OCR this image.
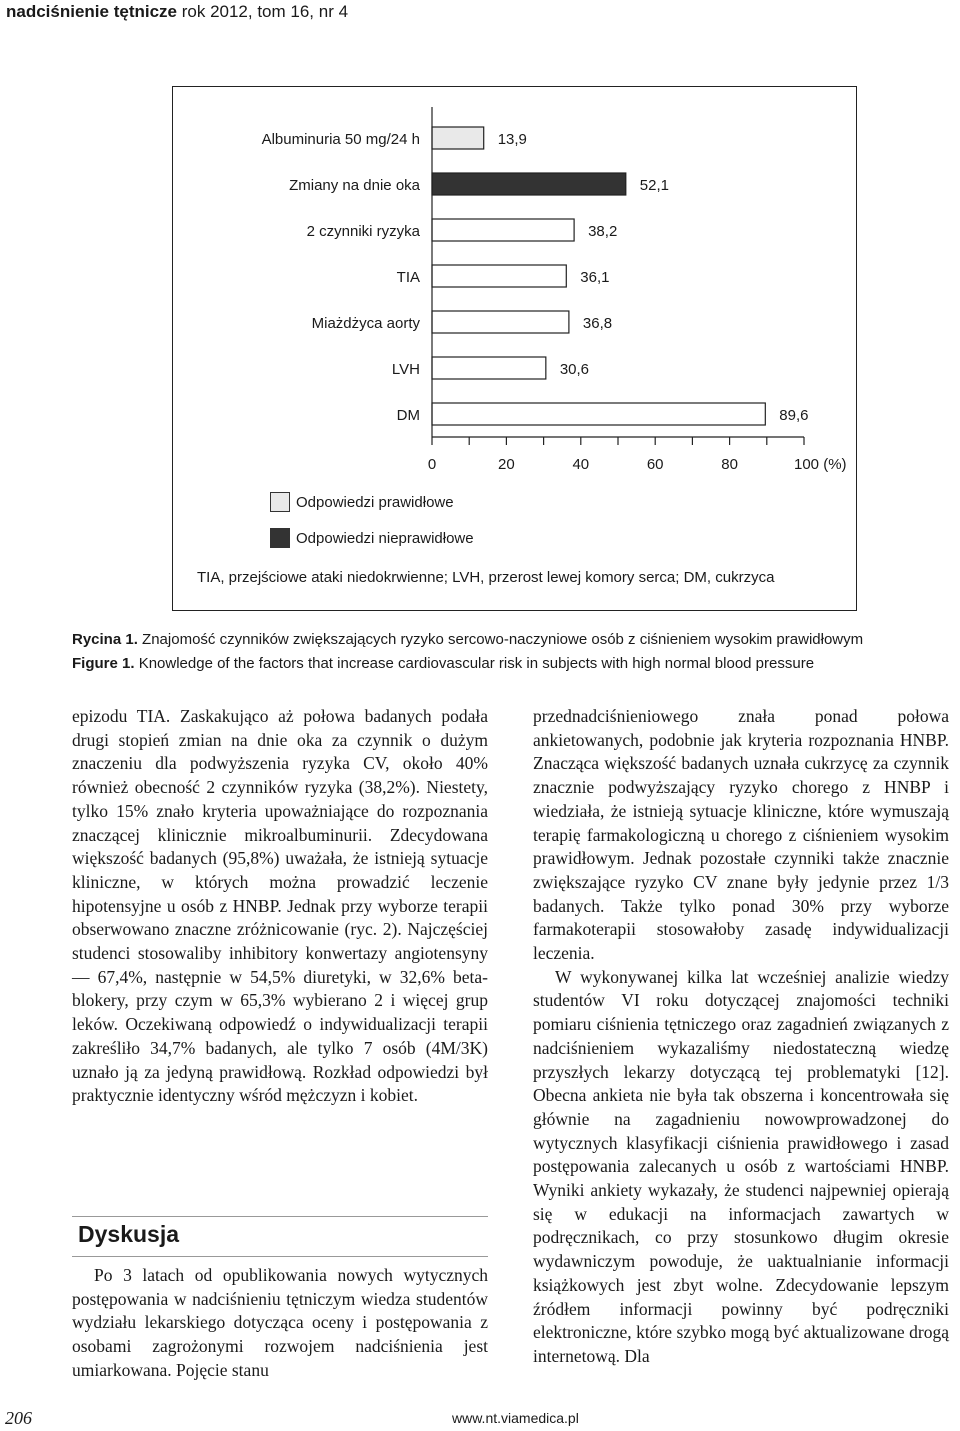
nadciśnienie tętnicze rok 2012, tom 16, nr 4
Albuminuria 50 mg/24 h	13,9
Zmiany na dnie oka	52,1
2 czynniki ryzyka	38,2
TIA	36,1
Miażdżyca aorty	36,8
LVH	30,6
DM	89,6
0	20	40	60	80	100 (%)
Odpowiedzi prawidłowe
Odpowiedzi nieprawidłowe
TIA, przejściowe ataki niedokrwienne; LVH, przerost lewej komory serca; DM, cukrzyca
Rycina 1. Znajomość czynników zwiększających ryzyko sercowo-naczyniowe osób z ciśnieniem wysokim prawidłowym
Figure 1. Knowledge of the factors that increase cardiovascular risk in subjects with high normal blood pressure

epizodu TIA. Zaskakująco aż połowa badanych podała drugi stopień zmian na dnie oka za czynnik o dużym znaczeniu dla podwyższenia ryzyka CV, około 40% również obecność 2 czynników ryzyka (38,2%). Niestety, tylko 15% znało kryteria upoważniające do rozpoznania znaczącej klinicznie mikroalbuminurii. Zdecydowana większość badanych (95,8%) uważała, że istnieją sytuacje kliniczne, w których można prowadzić leczenie hipotensyjne u osób z HNBP. Jednak przy wyborze terapii obserwowano znaczne zróżnicowanie (ryc. 2). Najczęściej studenci stosowaliby inhibitory konwertazy angiotensyny — 67,4%, następnie w 54,5% diuretyki, w 32,6% beta-blokery, przy czym w 65,3% wybierano 2 i więcej grup leków. Oczekiwaną odpowiedź o indywidualizacji terapii zakreśliło 34,7% badanych, ale tylko 7 osób (4M/3K) uznało ją za jedyną prawidłową. Rozkład odpowiedzi był praktycznie identyczny wśród mężczyzn i kobiet.

Dyskusja
Po 3 latach od opublikowania nowych wytycznych postępowania w nadciśnieniu tętniczym wiedza studentów wydziału lekarskiego dotycząca oceny i postępowania z osobami zagrożonymi rozwojem nadciśnienia jest umiarkowana. Pojęcie stanu

przednadciśnieniowego znała ponad połowa ankietowanych, podobnie jak kryteria rozpoznania HNBP. Znacząca większość badanych uznała cukrzycę za czynnik znacznie podwyższający ryzyko chorego z HNBP i wiedziała, że istnieją sytuacje kliniczne, które wymuszają terapię farmakologiczną u chorego z ciśnieniem wysokim prawidłowym. Jednak pozostałe czynniki także znacznie zwiększające ryzyko CV znane były jedynie przez 1/3 badanych. Także tylko ponad 30% przy wyborze farmakoterapii stosowałoby zasadę indywidualizacji leczenia.

W wykonywanej kilka lat wcześniej analizie wiedzy studentów VI roku dotyczącej znajomości techniki pomiaru ciśnienia tętniczego oraz zagadnień związanych z nadciśnieniem wykazaliśmy niedostateczną wiedzę przyszłych lekarzy dotyczącą tej problematyki [12]. Obecna ankieta nie była tak obszerna i koncentrowała się głównie na zagadnieniu nowowprowadzonej do wytycznych klasyfikacji ciśnienia prawidłowego i zasad postępowania zalecanych u osób z wartościami HNBP. Wyniki ankiety wykazały, że studenci najpewniej opierają się w edukacji na informacjach zawartych w podręcznikach, co przy stosunkowo długim okresie wydawniczym powoduje, że uaktualnianie informacji książkowych jest zbyt wolne. Zdecydowanie lepszym źródłem informacji powinny być podręczniki elektroniczne, które szybko mogą być aktualizowane drogą internetową. Dla

206	www.nt.viamedica.pl
